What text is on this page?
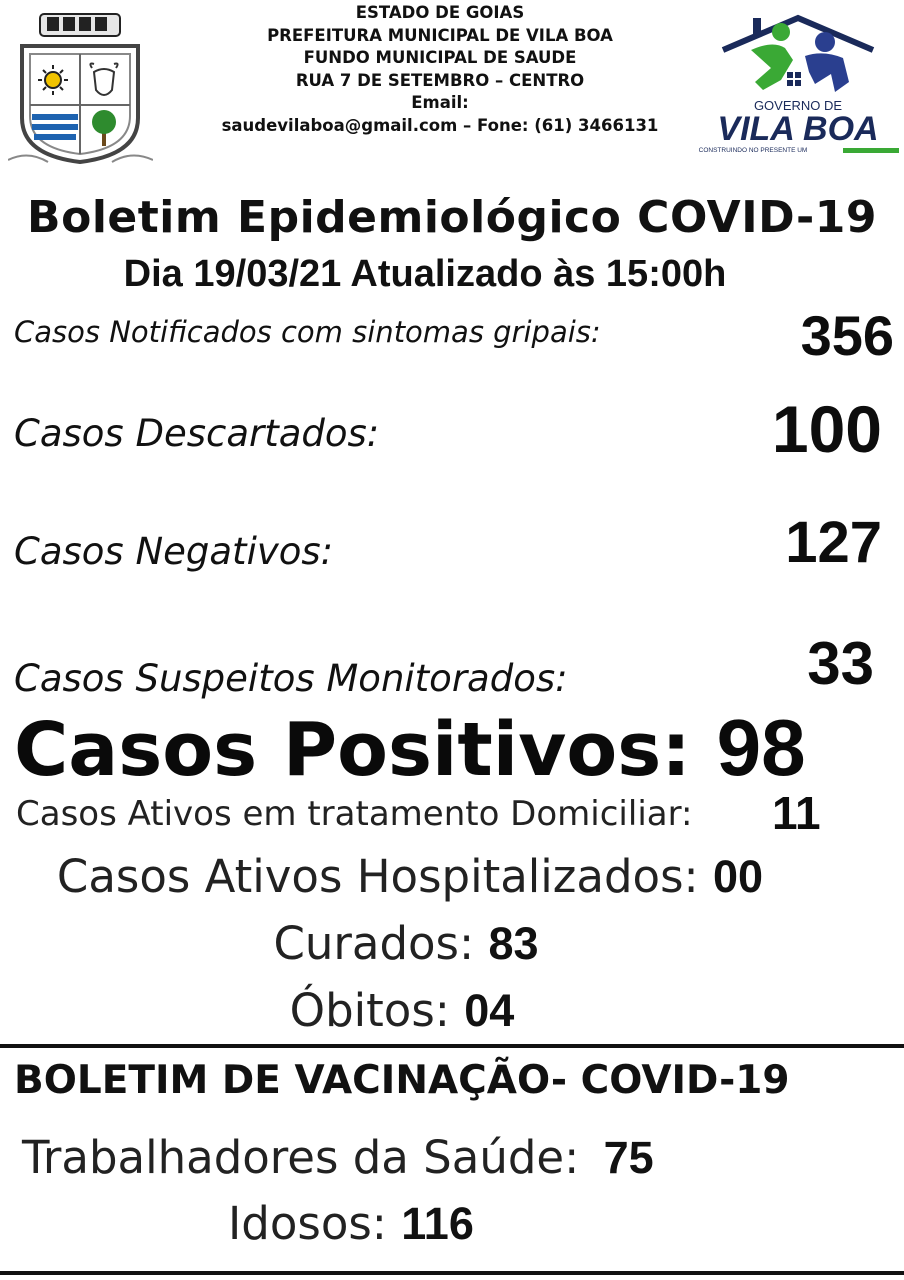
ESTADO DE GOIAS
PREFEITURA MUNICIPAL DE VILA BOA
FUNDO MUNICIPAL DE SAUDE
RUA 7 DE SETEMBRO – CENTRO
Email:
saudevilaboa@gmail.com – Fone: (61) 3466131
GOVERNO DE
VILA BOA
CONSTRUINDO NO PRESENTE UM
Boletim Epidemiológico COVID-19
Dia 19/03/21 Atualizado às 15:00h
Casos Notificados com sintomas gripais:	356
Casos Descartados:	100
Casos Negativos:	127
Casos Suspeitos Monitorados:	33
Casos Positivos: 98
Casos Ativos em tratamento Domiciliar: 11
Casos Ativos Hospitalizados: 00
Curados: 83
Óbitos: 04
BOLETIM DE VACINAÇÃO- COVID-19
Trabalhadores da Saúde: 75
Idosos: 116
